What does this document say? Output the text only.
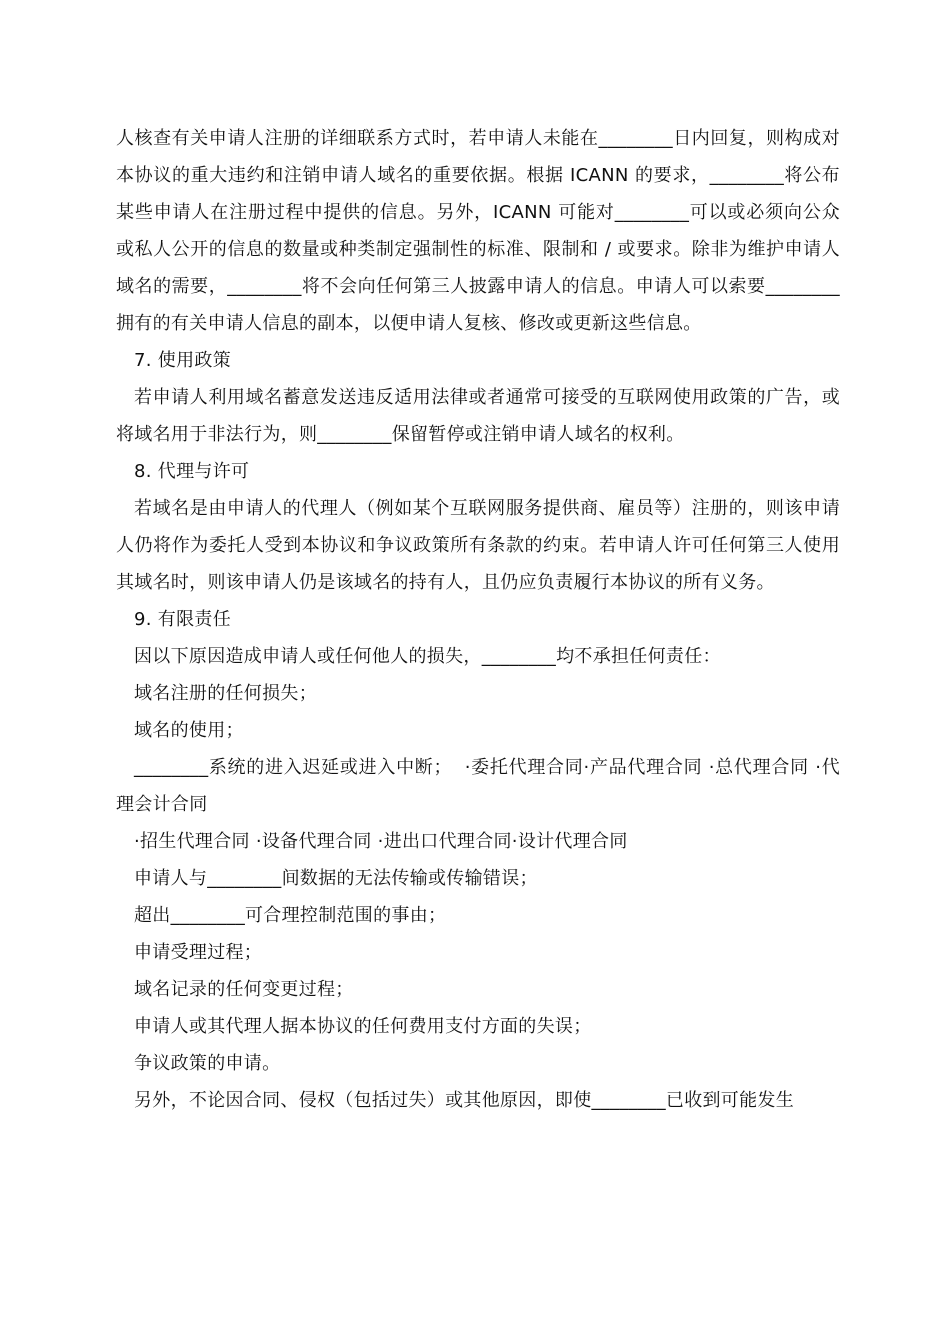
人核查有关申请人注册的详细联系方式时，若申请人未能在________日内回复，则构成对本协议的重大违约和注销申请人域名的重要依据。根据 ICANN 的要求，________将公布某些申请人在注册过程中提供的信息。另外，ICANN 可能对________可以或必须向公众或私人公开的信息的数量或种类制定强制性的标准、限制和 / 或要求。除非为维护申请人域名的需要，________将不会向任何第三人披露申请人的信息。申请人可以索要________拥有的有关申请人信息的副本，以便申请人复核、修改或更新这些信息。

7. 使用政策

若申请人利用域名蓄意发送违反适用法律或者通常可接受的互联网使用政策的广告，或将域名用于非法行为，则________保留暂停或注销申请人域名的权利。

8. 代理与许可

若域名是由申请人的代理人（例如某个互联网服务提供商、雇员等）注册的，则该申请人仍将作为委托人受到本协议和争议政策所有条款的约束。若申请人许可任何第三人使用其域名时，则该申请人仍是该域名的持有人，且仍应负责履行本协议的所有义务。

9. 有限责任

因以下原因造成申请人或任何他人的损失，________均不承担任何责任：

域名注册的任何损失；

域名的使用；

________系统的进入迟延或进入中断；  ·委托代理合同·产品代理合同 ·总代理合同 ·代理会计合同

·招生代理合同 ·设备代理合同 ·进出口代理合同·设计代理合同

申请人与________间数据的无法传输或传输错误；

超出________可合理控制范围的事由；

申请受理过程；

域名记录的任何变更过程；

申请人或其代理人据本协议的任何费用支付方面的失误；

争议政策的申请。

另外，不论因合同、侵权（包括过失）或其他原因，即使________已收到可能发生
